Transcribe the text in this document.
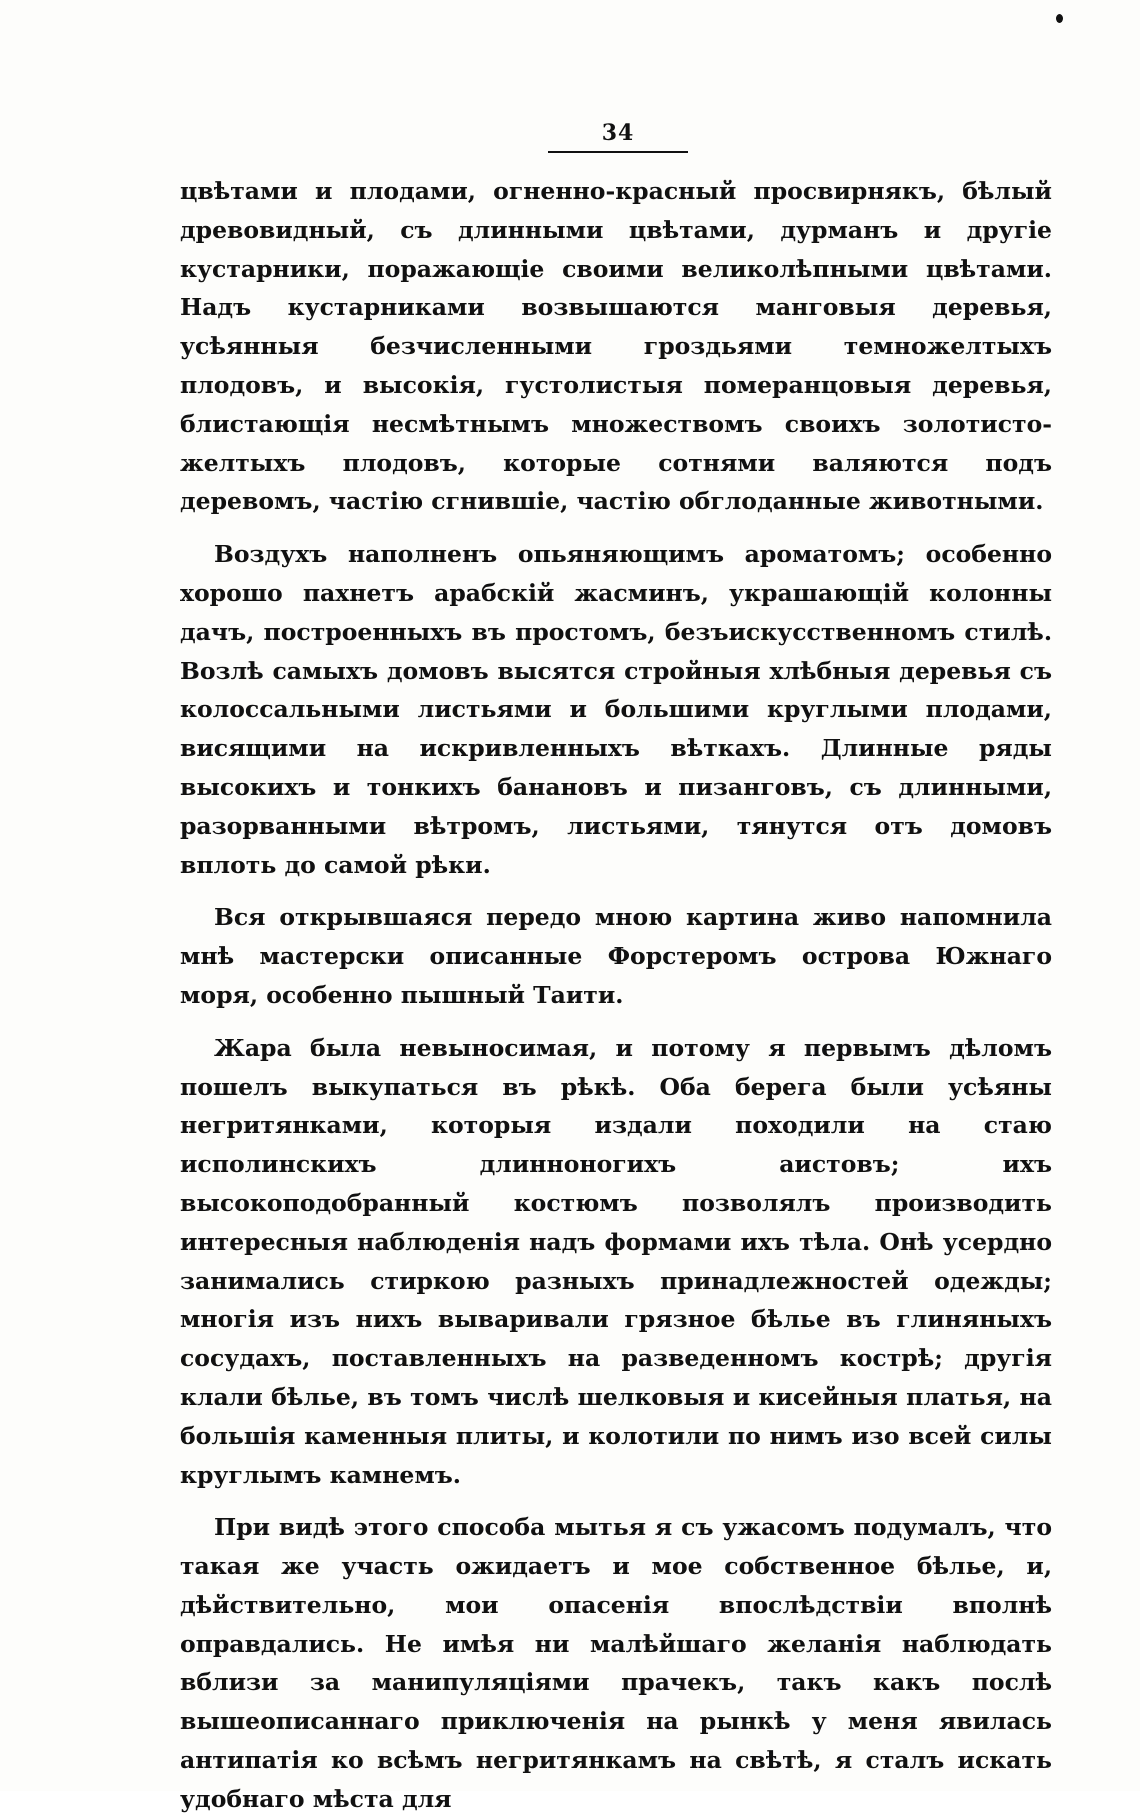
34

цвѣтами и плодами, огненно-красный просвирнякъ, бѣлый древовидный, съ длинными цвѣтами, дурманъ и другіе кустарники, поражающіе своими великолѣпными цвѣтами. Надъ кустарниками возвышаются манговыя деревья, усѣянныя безчисленными гроздьями темножелтыхъ плодовъ, и высокія, густолистыя померанцовыя деревья, блистающія несмѣтнымъ множествомъ своихъ золотисто-желтыхъ плодовъ, которые сотнями валяются подъ деревомъ, частію сгнившіе, частію обглоданные животными.

Воздухъ наполненъ опьяняющимъ ароматомъ; особенно хорошо пахнетъ арабскій жасминъ, украшающій колонны дачъ, построенныхъ въ простомъ, безъискусственномъ стилѣ. Возлѣ самыхъ домовъ высятся стройныя хлѣбныя деревья съ колоссальными листьями и большими круглыми плодами, висящими на искривленныхъ вѣткахъ. Длинные ряды высокихъ и тонкихъ банановъ и пизанговъ, съ длинными, разорванными вѣтромъ, листьями, тянутся отъ домовъ вплоть до самой рѣки.

Вся открывшаяся передо мною картина живо напомнила мнѣ мастерски описанные Форстеромъ острова Южнаго моря, особенно пышный Таити.

Жара была невыносимая, и потому я первымъ дѣломъ пошелъ выкупаться въ рѣкѣ. Оба берега были усѣяны негритянками, которыя издали походили на стаю исполинскихъ длинноногихъ аистовъ; ихъ высокоподобранный костюмъ позволялъ производить интересныя наблюденія надъ формами ихъ тѣла. Онѣ усердно занимались стиркою разныхъ принадлежностей одежды; многія изъ нихъ вываривали грязное бѣлье въ глиняныхъ сосудахъ, поставленныхъ на разведенномъ кострѣ; другія клали бѣлье, въ томъ числѣ шелковыя и кисейныя платья, на большія каменныя плиты, и колотили по нимъ изо всей силы круглымъ камнемъ.

При видѣ этого способа мытья я съ ужасомъ подумалъ, что такая же участь ожидаетъ и мое собственное бѣлье, и, дѣйствительно, мои опасенія впослѣдствіи вполнѣ оправдались. Не имѣя ни малѣйшаго желанія наблюдать вблизи за манипуляціями прачекъ, такъ какъ послѣ вышеописаннаго приключенія на рынкѣ у меня явилась антипатія ко всѣмъ негритянкамъ на свѣтѣ, я сталъ искать удобнаго мѣста для
